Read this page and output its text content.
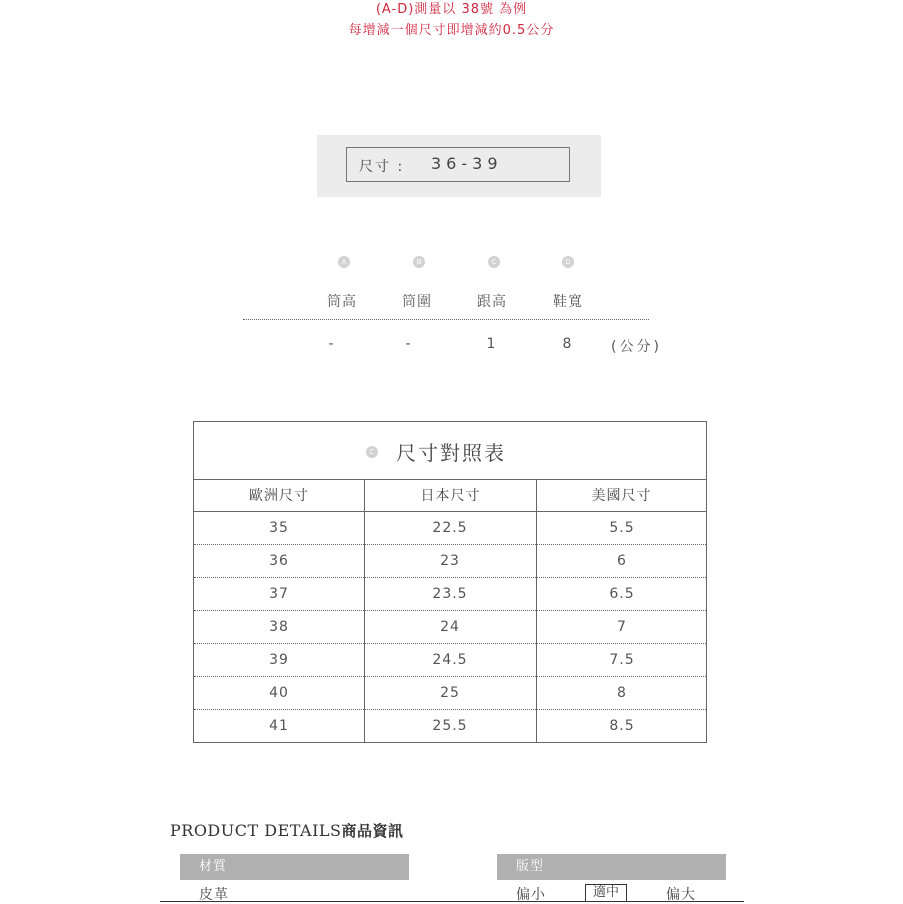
(A-D)測量以 38號 為例
每增減一個尺寸即增減約0.5公分
尺寸 : 36-39
A	B	C	D
筒高	筒圍	跟高	鞋寬
-	-	1	8	(公分)
C 尺寸對照表
歐洲尺寸	日本尺寸	美國尺寸
35	22.5	5.5
36	23	6
37	23.5	6.5
38	24	7
39	24.5	7.5
40	25	8
41	25.5	8.5
PRODUCT DETAILS商品資訊
材質	版型
皮革	偏小	適中	偏大
